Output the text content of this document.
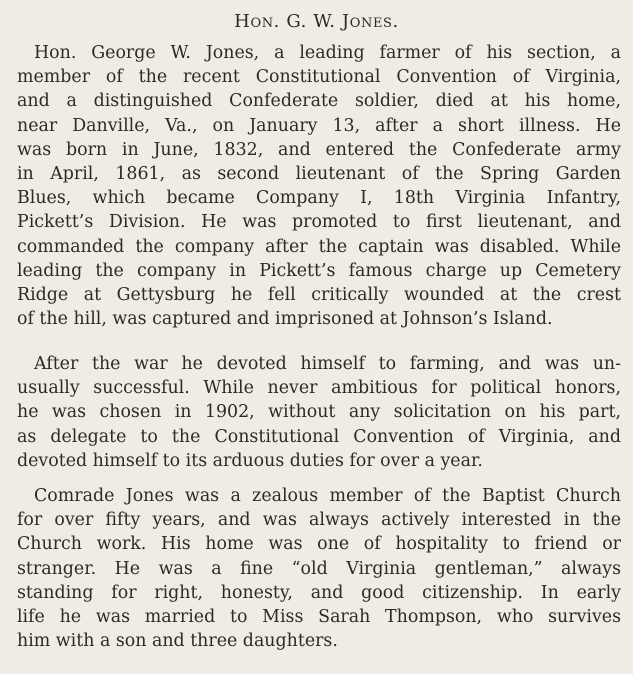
Hon. G. W. Jones.
Hon. George W. Jones, a leading farmer of his section, a
member of the recent Constitutional Convention of Virginia,
and a distinguished Confederate soldier, died at his home,
near Danville, Va., on January 13, after a short illness. He
was born in June, 1832, and entered the Confederate army
in April, 1861, as second lieutenant of the Spring Garden
Blues, which became Company I, 18th Virginia Infantry,
Pickett’s Division. He was promoted to first lieutenant, and
commanded the company after the captain was disabled. While
leading the company in Pickett’s famous charge up Cemetery
Ridge at Gettysburg he fell critically wounded at the crest
of the hill, was captured and imprisoned at Johnson’s Island.
After the war he devoted himself to farming, and was un-
usually successful. While never ambitious for political honors,
he was chosen in 1902, without any solicitation on his part,
as delegate to the Constitutional Convention of Virginia, and
devoted himself to its arduous duties for over a year.
Comrade Jones was a zealous member of the Baptist Church
for over fifty years, and was always actively interested in the
Church work. His home was one of hospitality to friend or
stranger. He was a fine “old Virginia gentleman,” always
standing for right, honesty, and good citizenship. In early
life he was married to Miss Sarah Thompson, who survives
him with a son and three daughters.
